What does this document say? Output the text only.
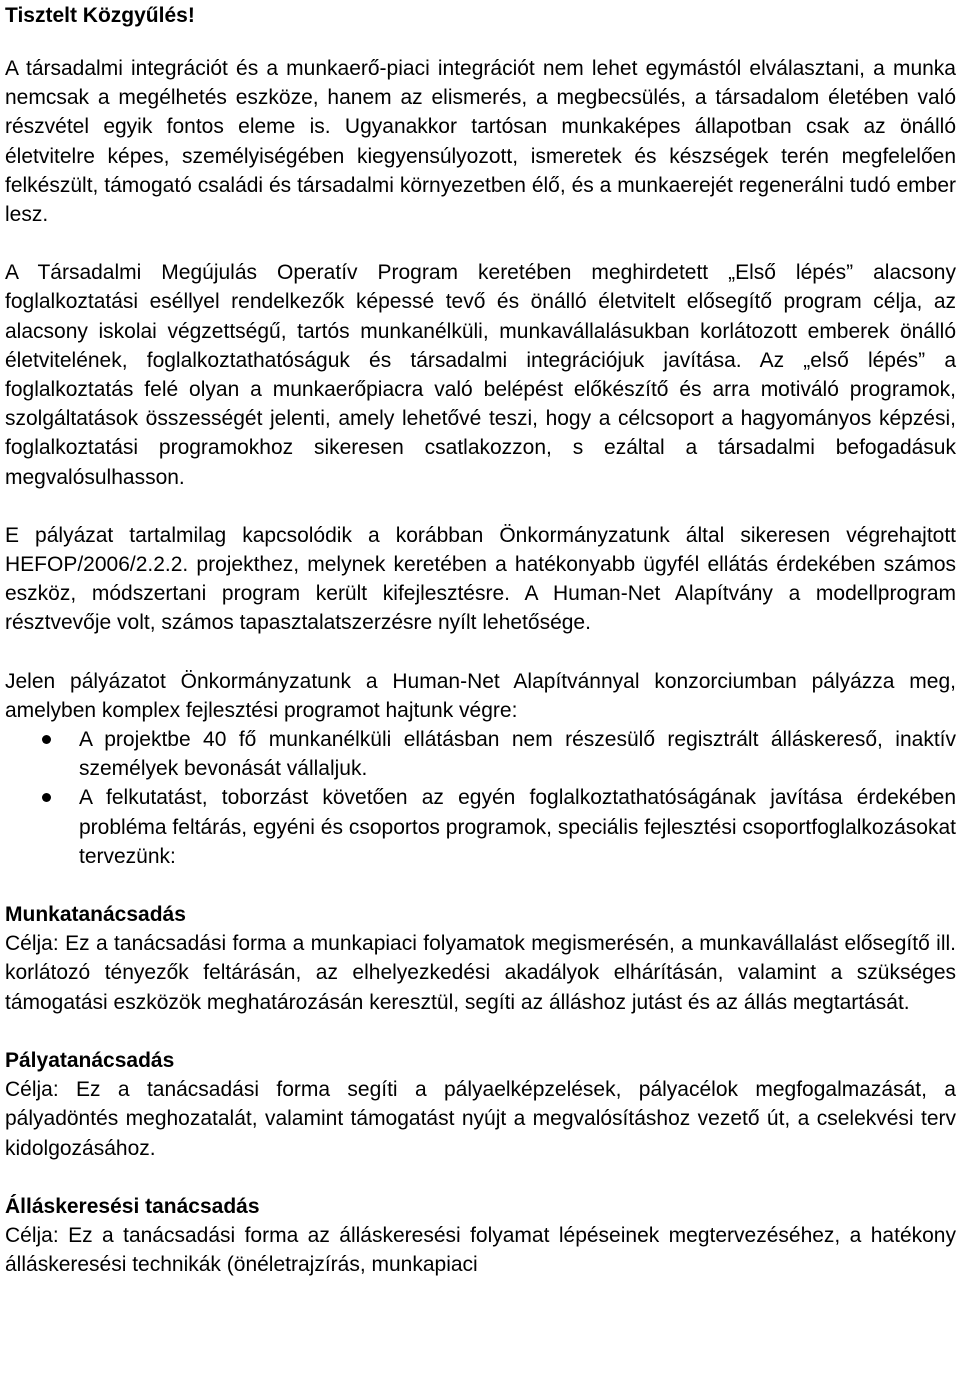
Tisztelt Közgyűlés!

A társadalmi integrációt és a munkaerő-piaci integrációt nem lehet egymástól elválasztani, a munka nemcsak a megélhetés eszköze, hanem az elismerés, a megbecsülés, a társadalom életében való részvétel egyik fontos eleme is. Ugyanakkor tartósan munkaképes állapotban csak az önálló életvitelre képes, személyiségében kiegyensúlyozott, ismeretek és készségek terén megfelelően felkészült, támogató családi és társadalmi környezetben élő, és a munkaerejét regenerálni tudó ember lesz.

A Társadalmi Megújulás Operatív Program keretében meghirdetett „Első lépés” alacsony foglalkoztatási eséllyel rendelkezők képessé tevő és önálló életvitelt elősegítő program célja, az alacsony iskolai végzettségű, tartós munkanélküli, munkavállalásukban korlátozott emberek önálló életvitelének, foglalkoztathatóságuk és társadalmi integrációjuk javítása. Az „első lépés” a foglalkoztatás felé olyan a munkaerőpiacra való belépést előkészítő és arra motiváló programok, szolgáltatások összességét jelenti, amely lehetővé teszi, hogy a célcsoport a hagyományos képzési, foglalkoztatási programokhoz sikeresen csatlakozzon, s ezáltal a társadalmi befogadásuk megvalósulhasson.

E pályázat tartalmilag kapcsolódik a korábban Önkormányzatunk által sikeresen végrehajtott HEFOP/2006/2.2.2. projekthez, melynek keretében a hatékonyabb ügyfél ellátás érdekében számos eszköz, módszertani program került kifejlesztésre. A Human-Net Alapítvány a modellprogram résztvevője volt, számos tapasztalatszerzésre nyílt lehetősége.

Jelen pályázatot Önkormányzatunk a Human-Net Alapítvánnyal konzorciumban pályázza meg, amelyben komplex fejlesztési programot hajtunk végre:

A projektbe 40 fő munkanélküli ellátásban nem részesülő regisztrált álláskereső, inaktív személyek bevonását vállaljuk.
A felkutatást, toborzást követően az egyén foglalkoztathatóságának javítása érdekében probléma feltárás, egyéni és csoportos programok, speciális fejlesztési csoportfoglalkozásokat tervezünk:
Munkatanácsadás

Célja: Ez a tanácsadási forma a munkapiaci folyamatok megismerésén, a munkavállalást elősegítő ill. korlátozó tényezők feltárásán, az elhelyezkedési akadályok elhárításán, valamint a szükséges támogatási eszközök meghatározásán keresztül, segíti az álláshoz jutást és az állás megtartását.

Pályatanácsadás

Célja: Ez a tanácsadási forma segíti a pályaelképzelések, pályacélok megfogalmazását, a pályadöntés meghozatalát, valamint támogatást nyújt a megvalósításhoz vezető út, a cselekvési terv kidolgozásához.

Álláskeresési tanácsadás

Célja: Ez a tanácsadási forma az álláskeresési folyamat lépéseinek megtervezéséhez, a hatékony álláskeresési technikák (önéletrajzírás, munkapiaci
